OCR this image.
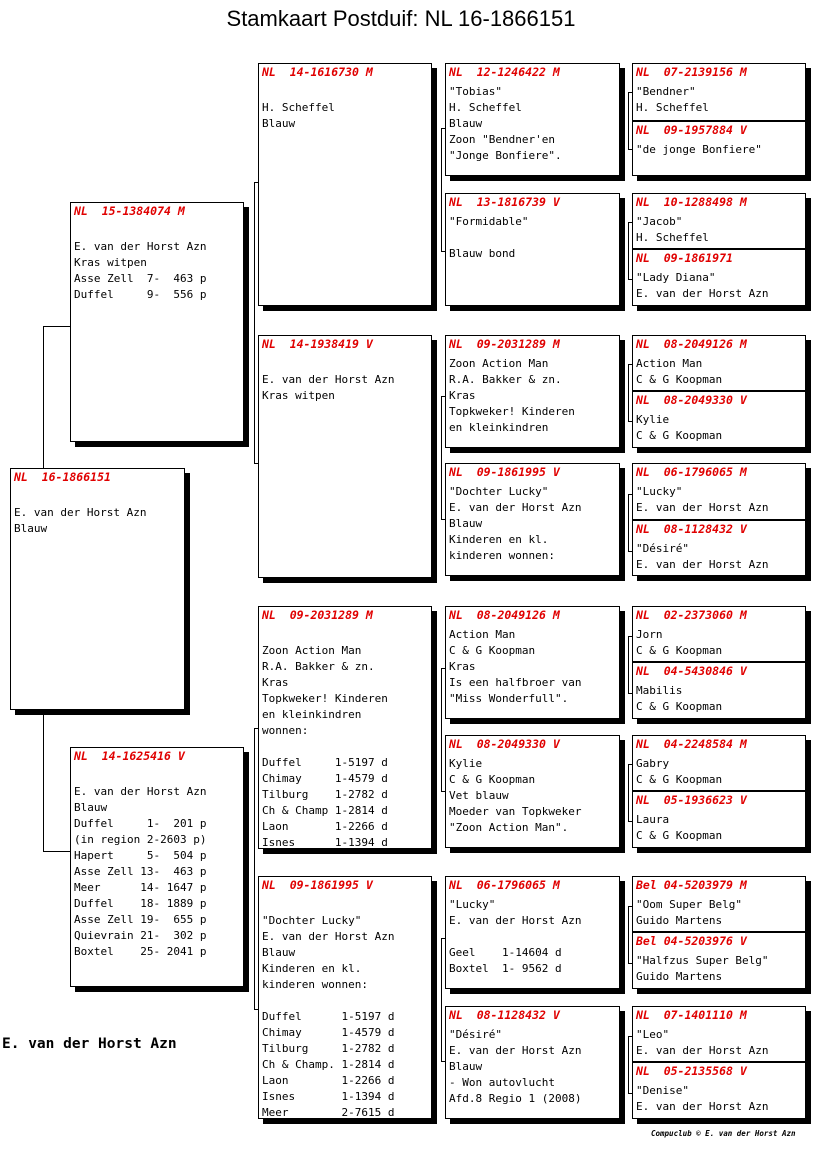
Stamkaart Postduif: NL 16-1866151
NL  16-1866151
E. van der Horst Azn
Blauw
NL  15-1384074 M
E. van der Horst Azn
Kras witpen
Asse Zell  7-  463 p
Duffel     9-  556 p
NL  14-1625416 V
E. van der Horst Azn
Blauw
Duffel     1-  201 p
(in region 2-2603 p)
Hapert     5-  504 p
Asse Zell 13-  463 p
Meer      14- 1647 p
Duffel    18- 1889 p
Asse Zell 19-  655 p
Quievrain 21-  302 p
Boxtel    25- 2041 p
NL  14-1616730 M
H. Scheffel
Blauw
NL  14-1938419 V
E. van der Horst Azn
Kras witpen
NL  09-2031289 M
Zoon Action Man
R.A. Bakker & zn.
Kras
Topkweker! Kinderen
en kleinkindren
wonnen:
Duffel     1-5197 d
Chimay     1-4579 d
Tilburg    1-2782 d
Ch & Champ 1-2814 d
Laon       1-2266 d
Isnes      1-1394 d
NL  09-1861995 V
"Dochter Lucky"
E. van der Horst Azn
Blauw
Kinderen en kl.
kinderen wonnen:
Duffel      1-5197 d
Chimay      1-4579 d
Tilburg     1-2782 d
Ch & Champ. 1-2814 d
Laon        1-2266 d
Isnes       1-1394 d
Meer        2-7615 d
NL  12-1246422 M
"Tobias"
H. Scheffel
Blauw
Zoon "Bendner'en
"Jonge Bonfiere".
NL  13-1816739 V
"Formidable"
Blauw bond
NL  09-2031289 M
Zoon Action Man
R.A. Bakker & zn.
Kras
Topkweker! Kinderen
en kleinkindren
NL  09-1861995 V
"Dochter Lucky"
E. van der Horst Azn
Blauw
Kinderen en kl.
kinderen wonnen:
NL  08-2049126 M
Action Man
C & G Koopman
Kras
Is een halfbroer van
"Miss Wonderfull".
NL  08-2049330 V
Kylie
C & G Koopman
Vet blauw
Moeder van Topkweker
"Zoon Action Man".
NL  06-1796065 M
"Lucky"
E. van der Horst Azn
Geel    1-14604 d
Boxtel  1- 9562 d
NL  08-1128432 V
"Désiré"
E. van der Horst Azn
Blauw
- Won autovlucht
Afd.8 Regio 1 (2008)
NL  07-2139156 M
"Bendner"
H. Scheffel
NL  09-1957884 V
"de jonge Bonfiere"
NL  10-1288498 M
"Jacob"
H. Scheffel
NL  09-1861971
"Lady Diana"
E. van der Horst Azn
NL  08-2049126 M
Action Man
C & G Koopman
NL  08-2049330 V
Kylie
C & G Koopman
NL  06-1796065 M
"Lucky"
E. van der Horst Azn
NL  08-1128432 V
"Désiré"
E. van der Horst Azn
NL  02-2373060 M
Jorn
C & G Koopman
NL  04-5430846 V
Mabilis
C & G Koopman
NL  04-2248584 M
Gabry
C & G Koopman
NL  05-1936623 V
Laura
C & G Koopman
Bel 04-5203979 M
"Oom Super Belg"
Guido Martens
Bel 04-5203976 V
"Halfzus Super Belg"
Guido Martens
NL  07-1401110 M
"Leo"
E. van der Horst Azn
NL  05-2135568 V
"Denise"
E. van der Horst Azn
E. van der Horst Azn
Compuclub © E. van der Horst Azn
